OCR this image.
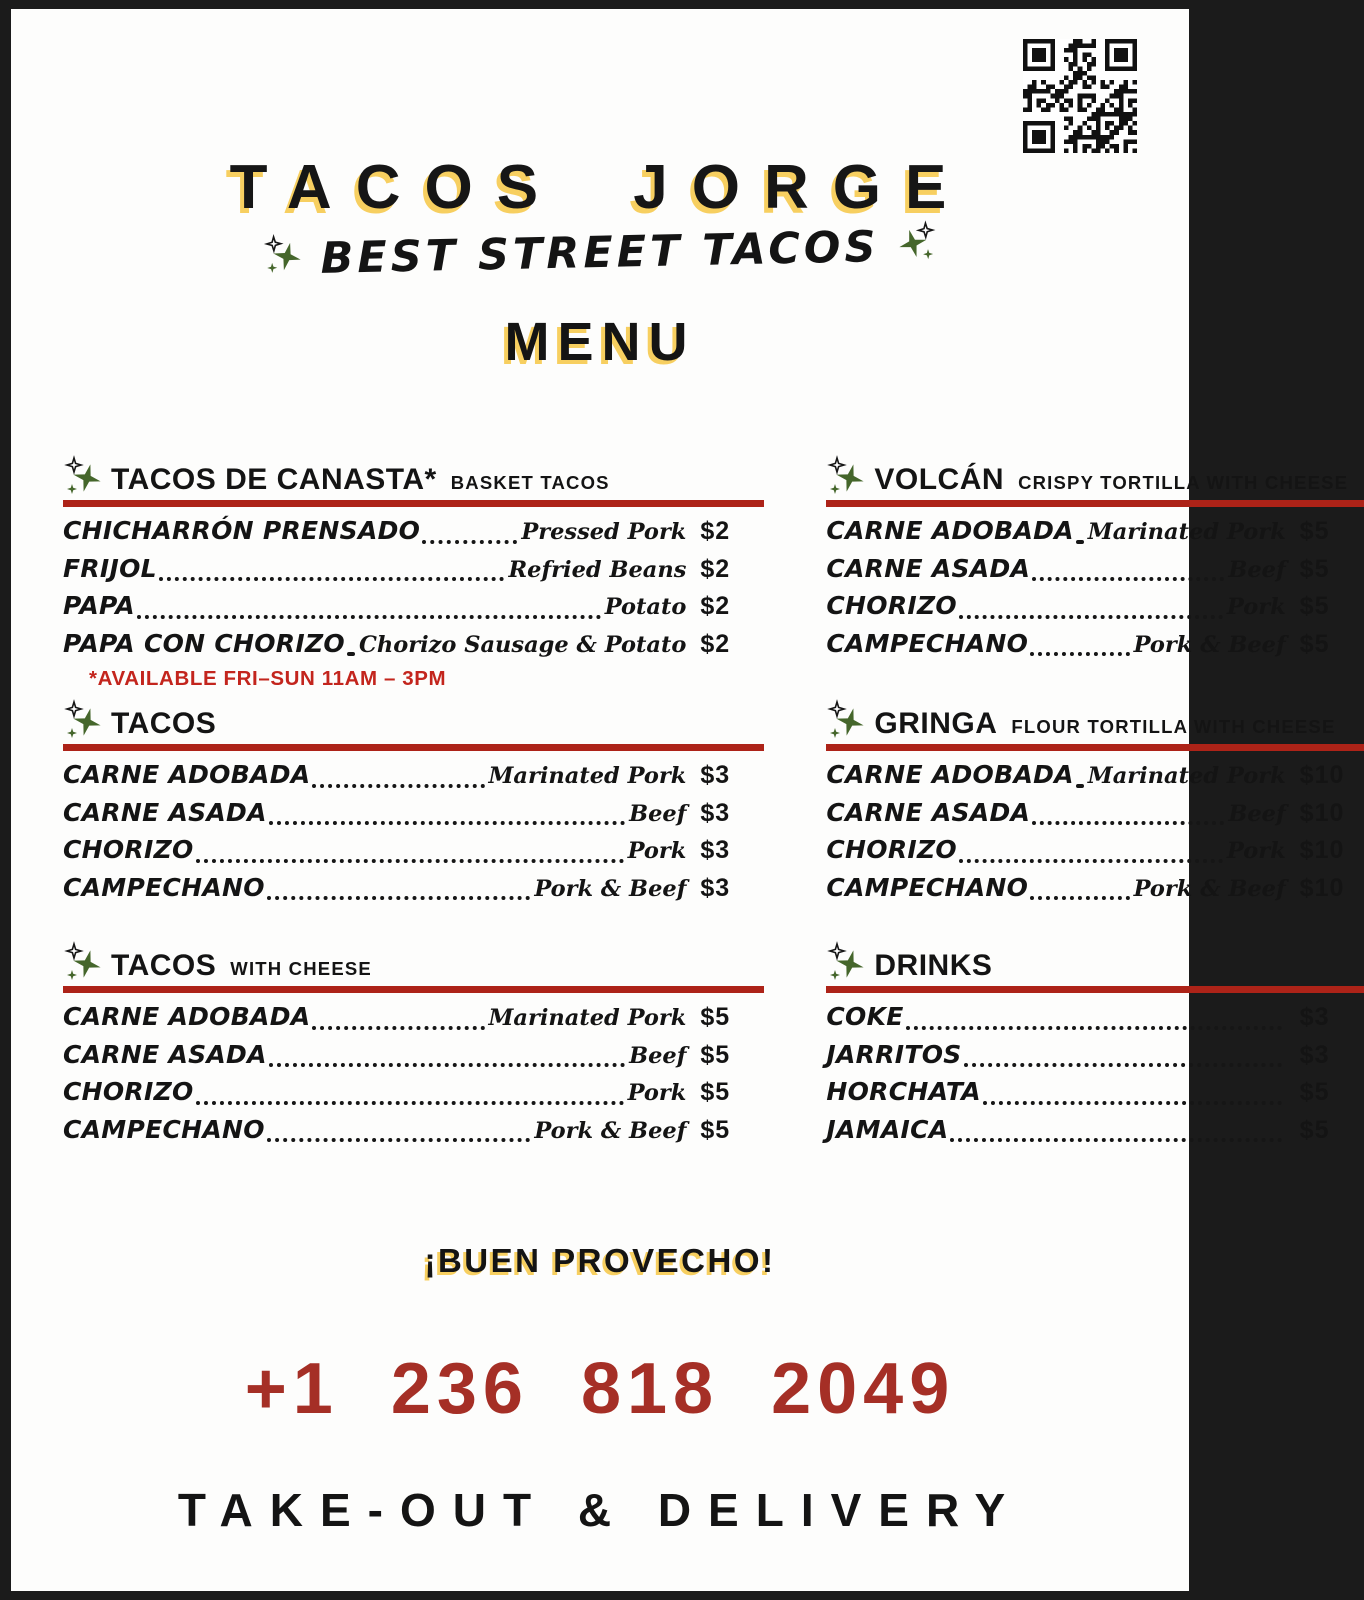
TACOS JORGE
BEST STREET TACOS
MENU
TACOS DE CANASTA* BASKET TACOS
CHICHARRÓN PRENSADO	Pressed Pork $2
FRIJOL	Refried Beans $2
PAPA	Potato $2
PAPA CON CHORIZO Chorizo Sausage & Potato $2
*AVAILABLE FRI–SUN 11AM – 3PM
VOLCÁN CRISPY TORTILLA WITH CHEESE
CARNE ADOBADA Marinated Pork $5
CARNE ASADA	Beef $5
CHORIZO	Pork $5
CAMPECHANO	Pork & Beef $5
TACOS
CARNE ADOBADA	Marinated Pork $3
CARNE ASADA	Beef $3
CHORIZO	Pork $3
CAMPECHANO	Pork & Beef $3
GRINGA FLOUR TORTILLA WITH CHEESE
CARNE ADOBADA Marinated Pork $10
CARNE ASADA	Beef $10
CHORIZO	Pork $10
CAMPECHANO	Pork & Beef $10
TACOS WITH CHEESE
CARNE ADOBADA	Marinated Pork $5
CARNE ASADA	Beef $5
CHORIZO	Pork $5
CAMPECHANO	Pork & Beef $5
DRINKS
COKE	$3
JARRITOS	$3
HORCHATA	$5
JAMAICA	$5
¡BUEN PROVECHO!
+1 236 818 2049
TAKE-OUT & DELIVERY
